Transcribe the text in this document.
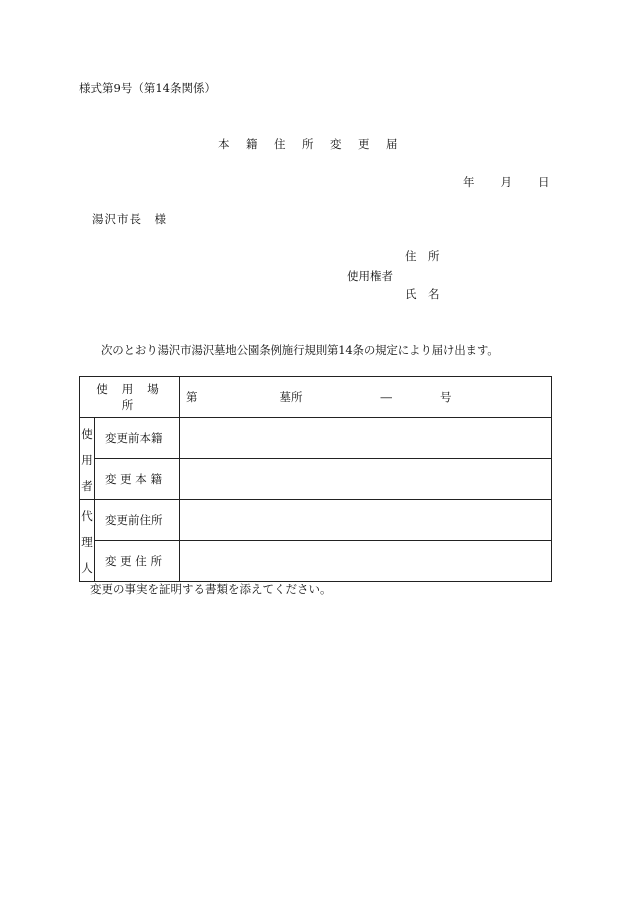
様式第9号（第14条関係）
本籍住所変更届
年 月 日
湯沢市長　様
住　所
使用権者
氏　名
次のとおり湯沢市湯沢墓地公園条例施行規則第14条の規定により届け出ます。
使用場所		第 墓所 ― 号

使
用
者	変更前本籍	
	変 更 本 籍	

代
理
人	変更前住所	
	変 更 住 所	
変更の事実を証明する書類を添えてください。
